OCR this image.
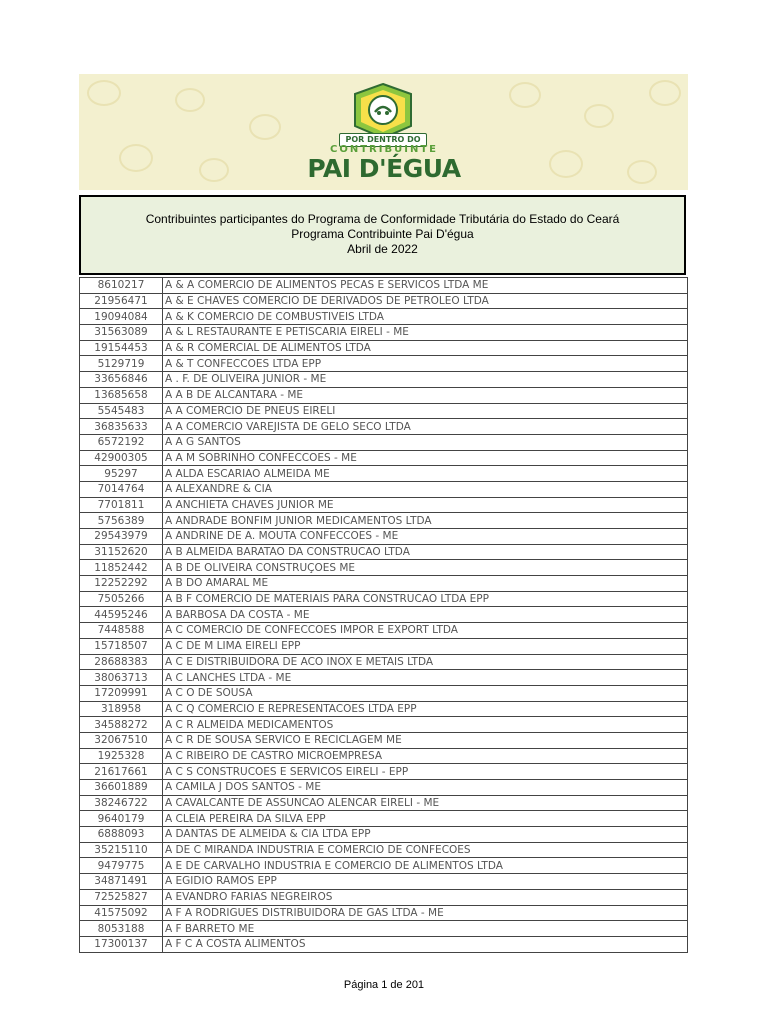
POR DENTRO DO
CONTRIBUINTE
PAI D'ÉGUA
Contribuintes participantes do Programa de Conformidade Tributária do Estado do Ceará
Programa Contribuinte Pai D'égua
Abril de 2022
8610217	A & A COMERCIO DE ALIMENTOS PECAS E SERVICOS LTDA ME
21956471	A & E CHAVES COMERCIO DE DERIVADOS DE PETROLEO LTDA
19094084	A & K COMERCIO DE COMBUSTIVEIS LTDA
31563089	A & L RESTAURANTE E PETISCARIA EIRELI - ME
19154453	A & R COMERCIAL DE ALIMENTOS LTDA
5129719	A & T CONFECCOES LTDA EPP
33656846	A . F. DE OLIVEIRA JUNIOR - ME
13685658	A A B DE ALCANTARA - ME
5545483	A A COMERCIO DE PNEUS EIRELI
36835633	A A COMERCIO VAREJISTA DE GELO SECO LTDA
6572192	A A G SANTOS
42900305	A A M SOBRINHO CONFECCOES - ME
95297	A ALDA ESCARIAO ALMEIDA ME
7014764	A ALEXANDRE & CIA
7701811	A ANCHIETA CHAVES JUNIOR ME
5756389	A ANDRADE BONFIM JUNIOR MEDICAMENTOS LTDA
29543979	A ANDRINE DE A. MOUTA CONFECCOES - ME
31152620	A B ALMEIDA BARATAO DA CONSTRUCAO LTDA
11852442	A B DE OLIVEIRA CONSTRUÇOES ME
12252292	A B DO AMARAL ME
7505266	A B F COMERCIO DE MATERIAIS PARA CONSTRUCAO LTDA EPP
44595246	A BARBOSA DA COSTA - ME
7448588	A C COMERCIO DE CONFECCOES IMPOR E EXPORT LTDA
15718507	A C DE M LIMA EIRELI EPP
28688383	A C E DISTRIBUIDORA DE ACO INOX E METAIS LTDA
38063713	A C LANCHES LTDA - ME
17209991	A C O DE SOUSA
318958	A C Q COMERCIO E REPRESENTACOES LTDA EPP
34588272	A C R ALMEIDA MEDICAMENTOS
32067510	A C R DE SOUSA SERVICO E RECICLAGEM ME
1925328	A C RIBEIRO DE CASTRO MICROEMPRESA
21617661	A C S CONSTRUCOES E SERVICOS EIRELI - EPP
36601889	A CAMILA J DOS SANTOS - ME
38246722	A CAVALCANTE DE ASSUNCAO ALENCAR EIRELI - ME
9640179	A CLEIA PEREIRA DA SILVA EPP
6888093	A DANTAS DE ALMEIDA & CIA LTDA EPP
35215110	A DE C MIRANDA INDUSTRIA E COMERCIO DE CONFECOES
9479775	A E DE CARVALHO INDUSTRIA E COMERCIO DE ALIMENTOS LTDA
34871491	A EGIDIO RAMOS EPP
72525827	A EVANDRO FARIAS NEGREIROS
41575092	A F A RODRIGUES DISTRIBUIDORA DE GAS LTDA - ME
8053188	A F BARRETO ME
17300137	A F C A COSTA ALIMENTOS
Página 1 de 201
